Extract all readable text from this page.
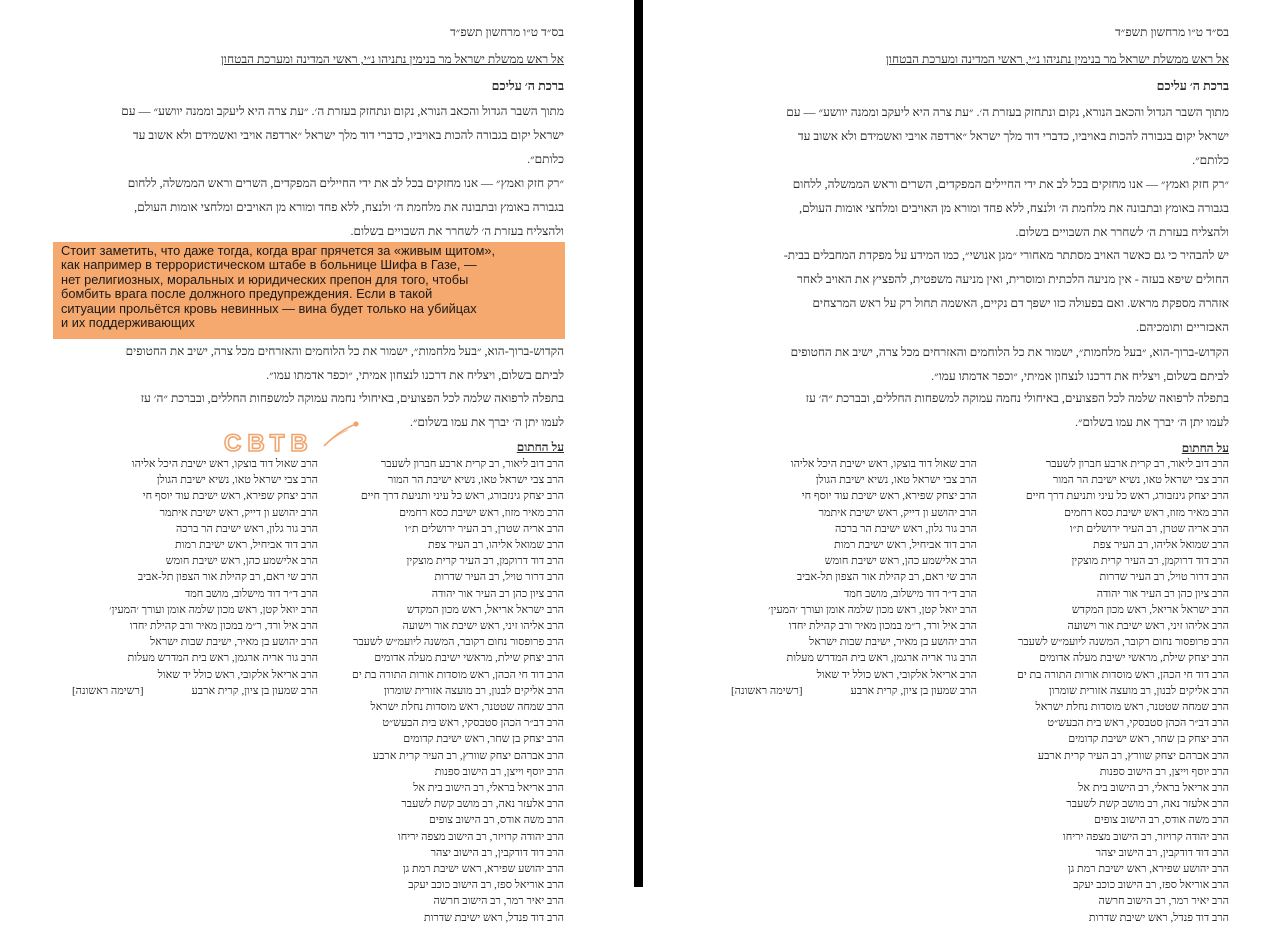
בס״ד ט״ו מרחשון תשפ״ד
אל ראש ממשלת ישראל מר בנימין נתניהו נ״י, ראשי המדינה ומערכת הבטחון
ברכת ה׳ עליכם
מתוך השבר הגדול והכאב הנורא, נקום ונתחזק בעזרת ה׳. ״עת צרה היא ליעקב וממנה יוושע״ — עם
ישראל יקום בגבורה להכות באויביו, כדברי דוד מלך ישראל ״ארדפה אויבי ואשמידם ולא אשוב עד
כלותם״.
״רק חזק ואמץ״ — אנו מחזקים בכל לב את ידי החיילים המפקדים, השרים וראש הממשלה, ללחום
בגבורה באומץ ובתבונה את מלחמת ה׳ ולנצח, ללא פחד ומורא מן האויבים ומלחצי אומות העולם,
ולהצליח בעזרת ה׳ לשחרר את השבויים בשלום.
הקדוש-ברוך-הוא, ״בעל מלחמות״, ישמור את כל הלוחמים והאזרחים מכל צרה, ישיב את החטופים
לביתם בשלום, ויצליח את דרכנו לנצחון אמיתי, ״וכפר אדמתו עמו״.
בתפלה לרפואה שלמה לכל הפצועים, באיחולי נחמה עמוקה למשפחות החללים, ובברכת ״ה׳ עז
לעמו יתן ה׳ יברך את עמו בשלום״.
על החתום
הרב דוב ליאור, רב קרית ארבע חברון לשעבר
הרב צבי ישראל טאו, נשיא ישיבת הר המור
הרב יצחק גינזבורג, ראש כל עיני ותניעת דרך חיים
הרב מאיר מזוז, ראש ישיבת כסא רחמים
הרב אריה שטרן, רב העיר ירושלים ת״ו
הרב שמואל אליהו, רב העיר צפת
הרב דוד דרוקמן, רב העיר קרית מוצקין
הרב דרור טויל, רב העיר שדרות
הרב ציון כהן רב העיר אור יהודה
הרב ישראל אריאל, ראש מכון המקדש
הרב אליהו זיני, ראש ישיבת אור וישועה
הרב פרופסור נחום רקובר, המשנה ליועמ״ש לשעבר
הרב יצחק שילת, מראשי ישיבת מעלה אדומים
הרב דוד חי הכהן, ראש מוסדות אורות התורה בת ים
הרב אליקים לבנון, רב מועצה אזורית שומרון
הרב שמחה שטטנר, ראש מוסדות נחלת ישראל
הרב דב״ר הכהן סטבסקי, ראש בית הבעש״ט
הרב יצחק בן שחר, ראש ישיבת קדומים
הרב אברהם יצחק שוורץ, רב העיר קרית ארבע
הרב יוסף וייצן, רב הישוב ספנות
הרב אריאל בראלי, רב הישוב בית אל
הרב אלעזר נאה, רב מושב קשת לשעבר
הרב משה אודס, רב הישוב צופים
הרב יהודה קרויזר, רב הישוב מצפה יריחו
הרב דוד דודקבין, רב הישוב יצהר
הרב יהושע שפירא, ראש ישיבת רמת גן
הרב אוריאל ספז, רב הישוב כוכב יעקב
הרב יאיר רמר, רב הישוב חרשה
הרב דוד פנדל, ראש ישיבת שדרות
הרב שאול דוד בוצקו, ראש ישיבת היכל אליהו
הרב צבי ישראל טאו, נשיא ישיבת הגולן
הרב יצחק שפירא, ראש ישיבת עוד יוסף חי
הרב יהושע ון דייק, ראש ישיבת איתמר
הרב גור גלון, ראש ישיבת הר ברכה
הרב דוד אביחיל, ראש ישיבת רמות
הרב אלישמע כהן, ראש ישיבת חומש
הרב שי ראם, רב קהילת אור הצפון תל-אביב
הרב ד״ר דוד מישלוב, מושב חמד
הרב יואל קטן, ראש מכון שלמה אומן ועורך ׳המעין׳
הרב איל ורד, ר״מ במכון מאיר ורב קהילת יחדו
הרב יהושע בן מאיר, ישיבת שבות ישראל
הרב גור אריה ארגמן, ראש בית המדרש מעלות
הרב אריאל אלקובי, ראש כולל יד שאול
הרב שמעון בן ציון, קרית ארבע
[רשימה ראשונה]
Стоит заметить, что даже тогда, когда враг прячется за «живым щитом»,
как например в террористическом штабе в больнице Шифа в Газе, —
нет религиозных, моральных и юридических препон для того, чтобы
бомбить врага после должного предупреждения. Если в такой
ситуации прольётся кровь невинных — вина будет только на убийцах
и их поддерживающих
СВТВ
בס״ד ט״ו מרחשון תשפ״ד
אל ראש ממשלת ישראל מר בנימין נתניהו נ״י, ראשי המדינה ומערכת הבטחון
ברכת ה׳ עליכם
מתוך השבר הגדול והכאב הנורא, נקום ונתחזק בעזרת ה׳. ״עת צרה היא ליעקב וממנה יוושע״ — עם
ישראל יקום בגבורה להכות באויביו, כדברי דוד מלך ישראל ״ארדפה אויבי ואשמידם ולא אשוב עד
כלותם״.
״רק חזק ואמץ״ — אנו מחזקים בכל לב את ידי החיילים המפקדים, השרים וראש הממשלה, ללחום
בגבורה באומץ ובתבונה את מלחמת ה׳ ולנצח, ללא פחד ומורא מן האויבים ומלחצי אומות העולם,
ולהצליח בעזרת ה׳ לשחרר את השבויים בשלום.
יש להבהיר כי גם כאשר האויב מסתתר מאחורי ״מגן אנושי״, כמו המידע על מפקדת המחבלים בבית-
החולים שיפא בעזה - אין מניעה הלכתית ומוסרית, ואין מניעה משפטית, להפציץ את האויב לאחר
אזהרה מספקת מראש. ואם בפעולה כזו ישפך דם נקיים, האשמה תחול רק על ראש המרצחים
האכזריים ותומכיהם.
הקדוש-ברוך-הוא, ״בעל מלחמות״, ישמור את כל הלוחמים והאזרחים מכל צרה, ישיב את החטופים
לביתם בשלום, ויצליח את דרכנו לנצחון אמיתי, ״וכפר אדמתו עמו״.
בתפלה לרפואה שלמה לכל הפצועים, באיחולי נחמה עמוקה למשפחות החללים, ובברכת ״ה׳ עז
לעמו יתן ה׳ יברך את עמו בשלום״.
על החתום
הרב דוב ליאור, רב קרית ארבע חברון לשעבר
הרב צבי ישראל טאו, נשיא ישיבת הר המור
הרב יצחק גינזבורג, ראש כל עיני ותניעת דרך חיים
הרב מאיר מזוז, ראש ישיבת כסא רחמים
הרב אריה שטרן, רב העיר ירושלים ת״ו
הרב שמואל אליהו, רב העיר צפת
הרב דוד דרוקמן, רב העיר קרית מוצקין
הרב דרור טויל, רב העיר שדרות
הרב ציון כהן רב העיר אור יהודה
הרב ישראל אריאל, ראש מכון המקדש
הרב אליהו זיני, ראש ישיבת אור וישועה
הרב פרופסור נחום רקובר, המשנה ליועמ״ש לשעבר
הרב יצחק שילת, מראשי ישיבת מעלה אדומים
הרב דוד חי הכהן, ראש מוסדות אורות התורה בת ים
הרב אליקים לבנון, רב מועצה אזורית שומרון
הרב שמחה שטטנר, ראש מוסדות נחלת ישראל
הרב דב״ר הכהן סטבסקי, ראש בית הבעש״ט
הרב יצחק בן שחר, ראש ישיבת קדומים
הרב אברהם יצחק שוורץ, רב העיר קרית ארבע
הרב יוסף וייצן, רב הישוב ספנות
הרב אריאל בראלי, רב הישוב בית אל
הרב אלעזר נאה, רב מושב קשת לשעבר
הרב משה אודס, רב הישוב צופים
הרב יהודה קרויזר, רב הישוב מצפה יריחו
הרב דוד דודקבין, רב הישוב יצהר
הרב יהושע שפירא, ראש ישיבת רמת גן
הרב אוריאל ספז, רב הישוב כוכב יעקב
הרב יאיר רמר, רב הישוב חרשה
הרב דוד פנדל, ראש ישיבת שדרות
הרב שאול דוד בוצקו, ראש ישיבת היכל אליהו
הרב צבי ישראל טאו, נשיא ישיבת הגולן
הרב יצחק שפירא, ראש ישיבת עוד יוסף חי
הרב יהושע ון דייק, ראש ישיבת איתמר
הרב גור גלון, ראש ישיבת הר ברכה
הרב דוד אביחיל, ראש ישיבת רמות
הרב אלישמע כהן, ראש ישיבת חומש
הרב שי ראם, רב קהילת אור הצפון תל-אביב
הרב ד״ר דוד מישלוב, מושב חמד
הרב יואל קטן, ראש מכון שלמה אומן ועורך ׳המעין׳
הרב איל ורד, ר״מ במכון מאיר ורב קהילת יחדו
הרב יהושע בן מאיר, ישיבת שבות ישראל
הרב גור אריה ארגמן, ראש בית המדרש מעלות
הרב אריאל אלקובי, ראש כולל יד שאול
הרב שמעון בן ציון, קרית ארבע
[רשימה ראשונה]
